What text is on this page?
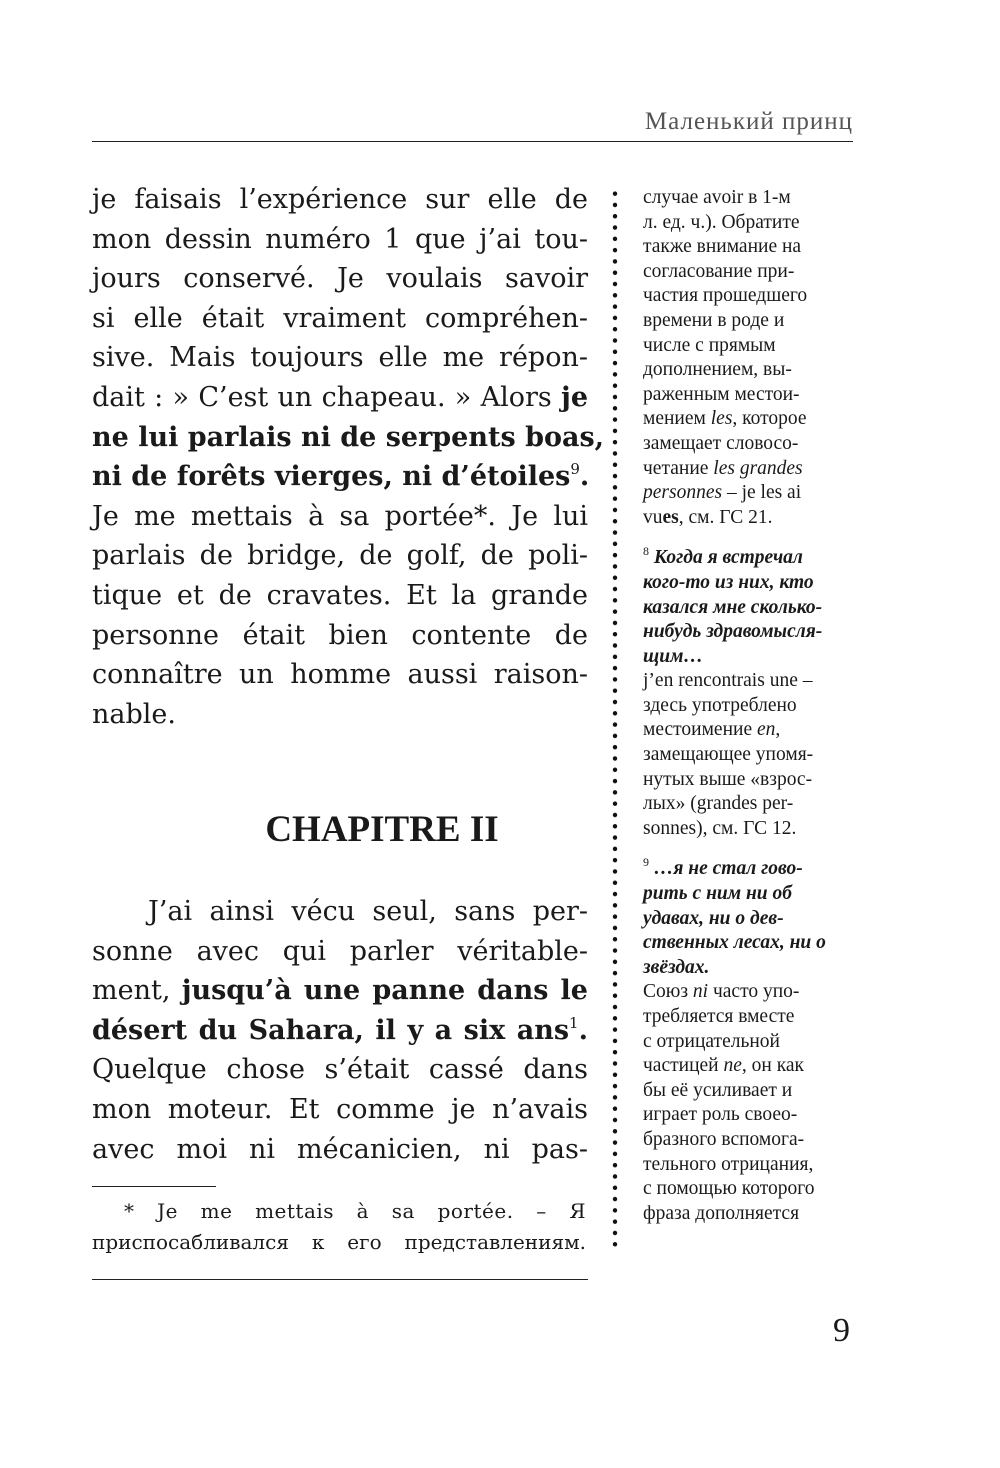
Маленький принц
je faisais l’expérience sur elle de
mon dessin numéro 1 que j’ai tou-
jours conservé. Je voulais savoir
si elle était vraiment compréhen-
sive. Mais toujours elle me répon-
dait : » C’est un chapeau. » Alors je
ne lui parlais ni de serpents boas,
ni de forêts vierges, ni d’étoiles$^9$.
Je me mettais à sa portée*. Je lui
parlais de bridge, de golf, de poli-
tique et de cravates. Et la grande
personne était bien contente de
connaître un homme aussi raison-
nable.
CHAPITRE II
J’ai ainsi vécu seul, sans per-
sonne avec qui parler véritable-
ment, jusqu’à une panne dans le
désert du Sahara, il y a six ans$^1$.
Quelque chose s’était cassé dans
mon moteur. Et comme je n’avais
avec moi ni mécanicien, ni pas-
* Je me mettais à sa portée. – Я
приспосабливался к его представлениям.
случае avoir в 1-м
л. ед. ч.). Обратите
также внимание на
согласование при-
частия прошедшего
времени в роде и
числе с прямым
дополнением, вы-
раженным местои-
мением les, которое
замещает словосо-
четание les grandes
personnes – je les ai
vues, см. ГС 21.
$^8$ Когда я встречал
кого-то из них, кто
казался мне сколько-
нибудь здравомысля-
щим…
j’en rencontrais une –
здесь употреблено
местоимение en,
замещающее упомя-
нутых выше «взрос-
лых» (grandes per-
sonnes), см. ГС 12.
$^9$ …я не стал гово-
рить с ним ни об
удавах, ни о дев-
ственных лесах, ни о
звёздах.
Союз ni часто упо-
требляется вместе
с отрицательной
частицей ne, он как
бы её усиливает и
играет роль своео-
бразного вспомога-
тельного отрицания,
с помощью которого
фраза дополняется
9
